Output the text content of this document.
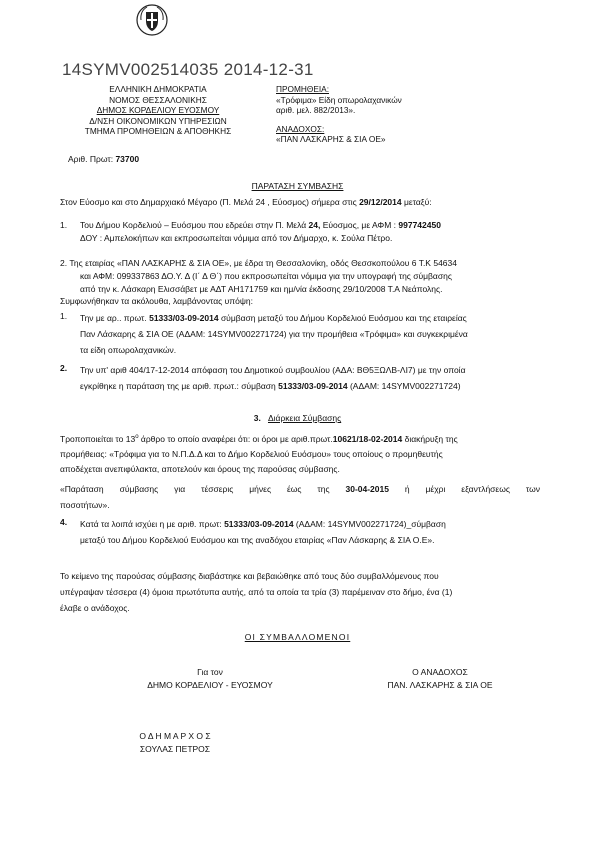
14SYMV002514035 2014-12-31
ΕΛΛΗΝΙΚΗ ΔΗΜΟΚΡΑΤΙΑ
ΝΟΜΟΣ ΘΕΣΣΑΛΟΝΙΚΗΣ
ΔΗΜΟΣ ΚΟΡΔΕΛΙΟΥ ΕΥΟΣΜΟΥ
Δ/ΝΣΗ ΟΙΚΟΝΟΜΙΚΩΝ ΥΠΗΡΕΣΙΩΝ
ΤΜΗΜΑ ΠΡΟΜΗΘΕΙΩΝ & ΑΠΟΘΗΚΗΣ
Αριθ. Πρωτ: 73700
ΠΡΟΜΗΘΕΙΑ:
«Τρόφιμα» Είδη οπωρολαχανικών
αριθ. μελ. 882/2013».
ΑΝΑΔΟΧΟΣ:
«ΠΑΝ ΛΑΣΚΑΡΗΣ & ΣΙΑ ΟΕ»
ΠΑΡΑΤΑΣΗ ΣΥΜΒΑΣΗΣ
Στον Εύοσμο και στο Δημαρχιακό Μέγαρο (Π. Μελά 24 , Εύοσμος) σήμερα στις 29/12/2014 μεταξύ:
1. Του Δήμου Κορδελιού – Ευόσμου που εδρεύει στην Π. Μελά 24, Εύοσμος, με ΑΦΜ : 997742450
ΔΟΥ : Αμπελοκήπων και εκπροσωπείται νόμιμα από τον Δήμαρχο, κ. Σούλα Πέτρο.
2. Της εταιρίας «ΠΑΝ ΛΑΣΚΑΡΗΣ & ΣΙΑ ΟΕ», με έδρα τη Θεσσαλονίκη, οδός Θεσσκοπούλου 6 Τ.Κ 54634
και ΑΦΜ: 099337863 ΔΟ.Υ. Δ (Ι΄ Δ Θ΄) που εκπροσωπείται νόμιμα για την υπογραφή της σύμβασης
από την κ. Λάσκαρη Ελισσάβετ με ΑΔΤ ΑΗ171759 και ημ/νία έκδοσης 29/10/2008 Τ.Α Νεάπολης.
Συμφωνήθηκαν τα ακόλουθα, λαμβάνοντας υπόψη:
1. Την με αρ.. πρωτ. 51333/03-09-2014 σύμβαση μεταξύ του Δήμου Κορδελιού Ευόσμου και της εταιρείας
Παν Λάσκαρης & ΣΙΑ ΟΕ (ΑΔΑΜ: 14SYMV002271724) για την προμήθεια «Τρόφιμα» και συγκεκριμένα
τα είδη οπωρολαχανικών.
2. Την υπ' αριθ 404/17-12-2014 απόφαση του Δημοτικού συμβουλίου (ΑΔΑ: ΒΘ5ΞΩΛΒ-ΛΙ7) με την οποία
εγκρίθηκε η παράταση της με αριθ. πρωτ.: σύμβαση 51333/03-09-2014 (ΑΔΑΜ: 14SYMV002271724)
3. Διάρκεια Σύμβασης
Τροποποιείται το $13^o$ άρθρο το οποίο αναφέρει ότι: οι όροι με αριθ.πρωτ.10621/18-02-2014 διακήρυξη της
προμήθειας: «Τρόφιμα για το Ν.Π.Δ.Δ και το Δήμο Κορδελιού Ευόσμου» τους οποίους ο προμηθευτής
αποδέχεται ανεπιφύλακτα, αποτελούν και όρους της παρούσας σύμβασης.
«Παράταση σύμβασης για τέσσερις μήνες έως της 30-04-2015 ή μέχρι εξαντλήσεως των
ποσοτήτων».
4. Κατά τα λοιπά ισχύει η με αριθ. πρωτ: 51333/03-09-2014 (ΑΔΑΜ: 14SYMV002271724)_σύμβαση
μεταξύ του Δήμου Κορδελιού Ευόσμου και της αναδόχου εταιρίας «Παν Λάσκαρης & ΣΙΑ Ο.Ε».
Το κείμενο της παρούσας σύμβασης διαβάστηκε και βεβαιώθηκε από τους δύο συμβαλλόμενους που
υπέγραψαν τέσσερα (4) όμοια πρωτότυπα αυτής, από τα οποία τα τρία (3) παρέμειναν στο δήμο, ένα (1)
έλαβε ο ανάδοχος.
ΟΙ ΣΥΜΒΑΛΛΟΜΕΝΟΙ
Για τον
ΔΗΜΟ ΚΟΡΔΕΛΙΟΥ - ΕΥΟΣΜΟΥ
Ο ΑΝΑΔΟΧΟΣ
ΠΑΝ. ΛΑΣΚΑΡΗΣ & ΣΙΑ ΟΕ
Ο Δ Η Μ Α Ρ Χ Ο Σ
ΣΟΥΛΑΣ ΠΕΤΡΟΣ
